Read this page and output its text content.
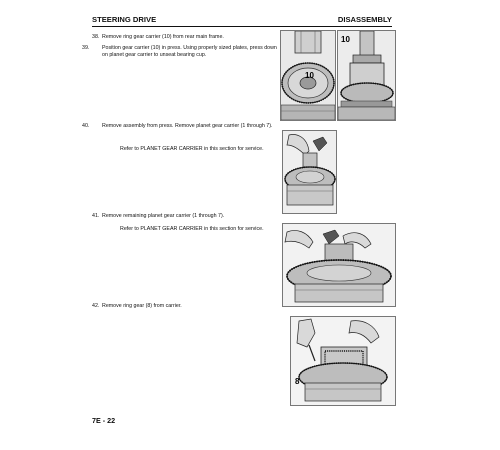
STEERING DRIVE	DISASSEMBLY
38. Remove ring gear carrier (10) from rear main frame.
39. Position gear carrier (10) in press. Using properly sized plates, press down on planet gear carrier to unseat bearing cup.
40. Remove assembly from press. Remove planet gear carrier (1 through 7).
Refer to PLANET GEAR CARRIER in this section for service.
41. Remove remaining planet gear carrier (1 through 7).
Refer to PLANET GEAR CARRIER in this section for service.
42. Remove ring gear (8) from carrier.
10
10
8
7E - 22
